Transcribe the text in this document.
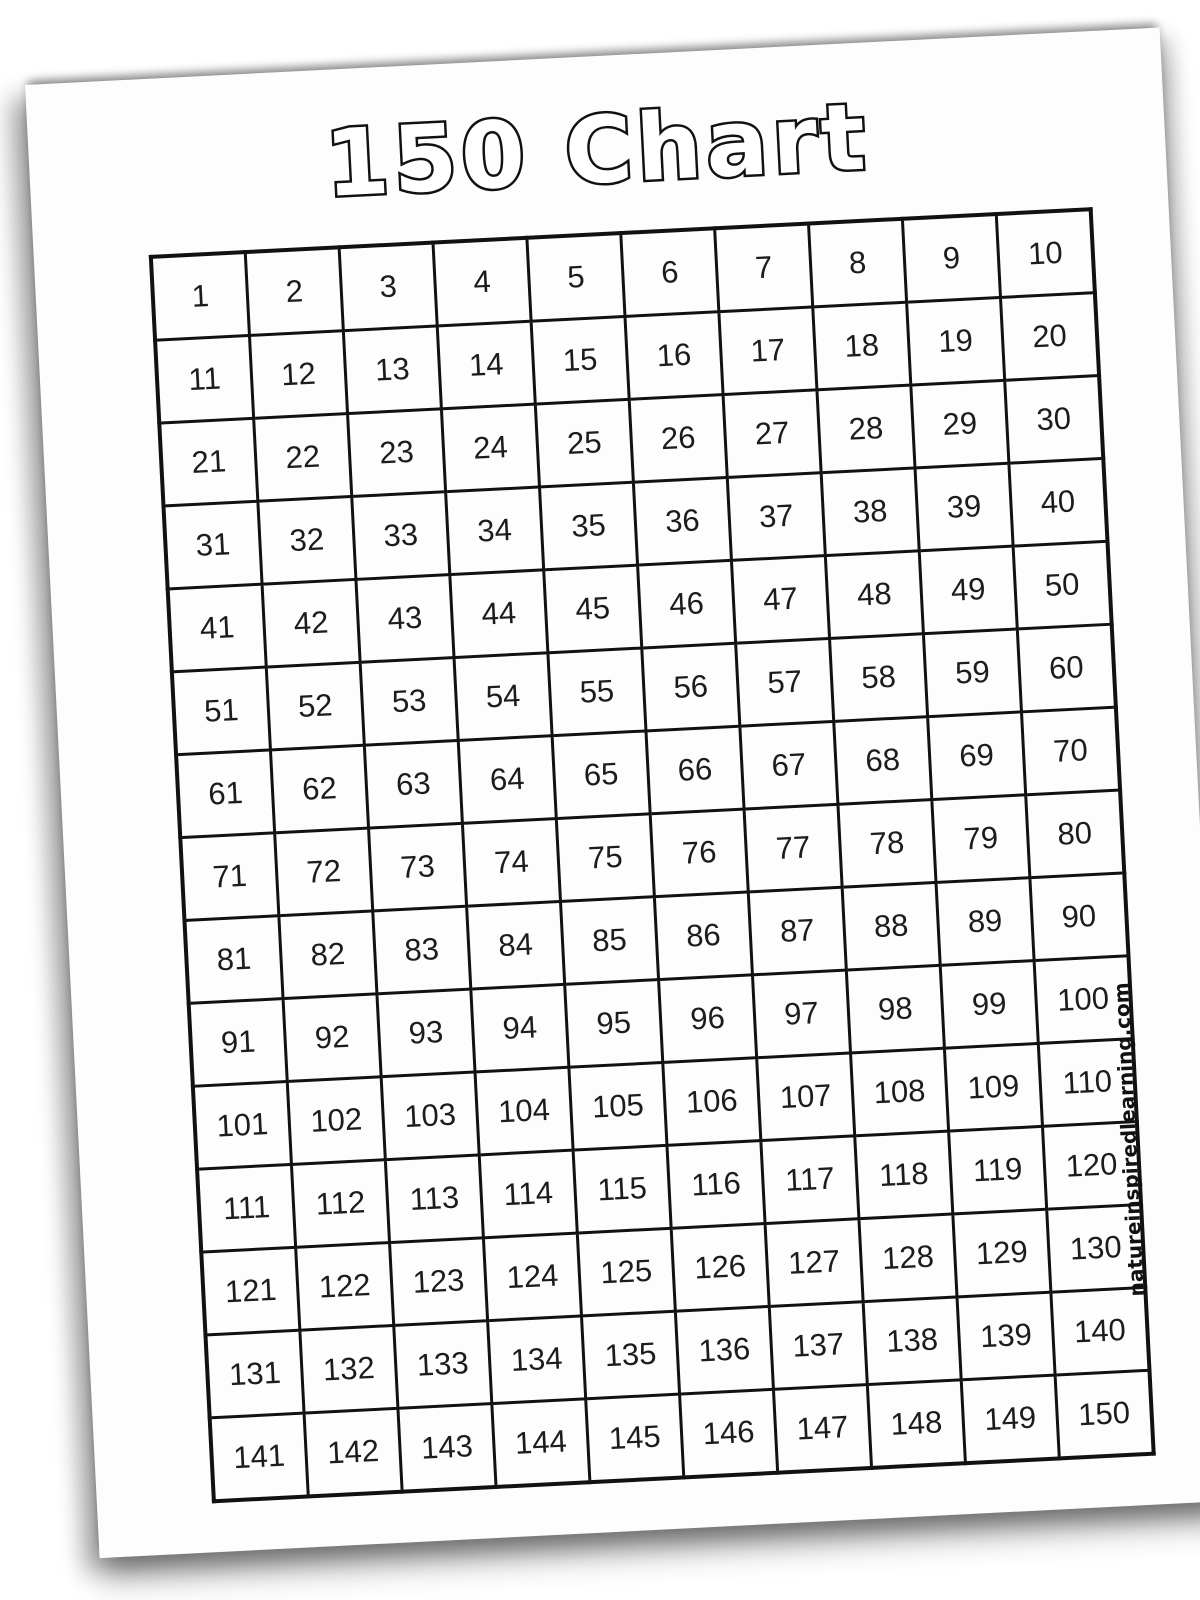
150 Chart
1	2	3	4	5	6	7	8	9	10
11	12	13	14	15	16	17	18	19	20
21	22	23	24	25	26	27	28	29	30
31	32	33	34	35	36	37	38	39	40
41	42	43	44	45	46	47	48	49	50
51	52	53	54	55	56	57	58	59	60
61	62	63	64	65	66	67	68	69	70
71	72	73	74	75	76	77	78	79	80
81	82	83	84	85	86	87	88	89	90
91	92	93	94	95	96	97	98	99	100
101	102	103	104	105	106	107	108	109	110
111	112	113	114	115	116	117	118	119	120
121	122	123	124	125	126	127	128	129	130
131	132	133	134	135	136	137	138	139	140
141	142	143	144	145	146	147	148	149	150
natureinspiredlearning.com
